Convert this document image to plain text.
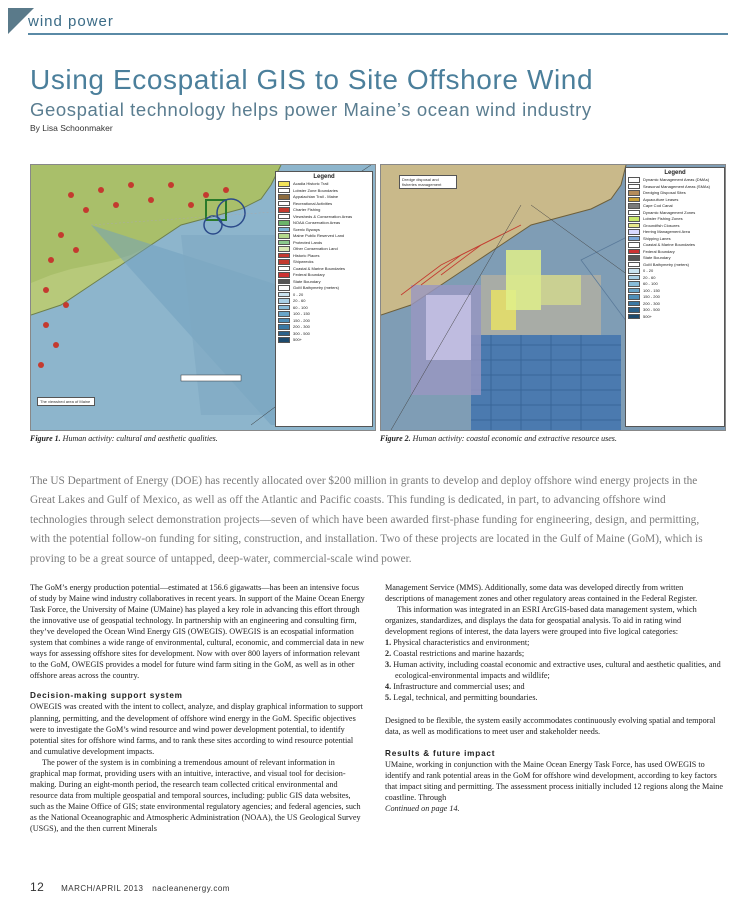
wind power
Using Ecospatial GIS to Site Offshore Wind
Geospatial technology helps power Maine’s ocean wind industry
By Lisa Schoonmaker
Legend
Acadia Historic Trail
Lobster Zone Boundaries
Appalachian Trail - Maine
Recreational Activities
Charter Fishing
Viewsheds & Conservation Areas
NOAA Conservation Areas
Scenic Byways
Maine Public Reserved Land
Protected Lands
Other Conservation Land
Historic Places
Shipwrecks
Coastal & Marine Boundaries
Federal Boundary
State Boundary
GoM Bathymetry (meters)
0 - 20
20 - 60
60 - 100
100 - 150
150 - 200
200 - 300
300 - 500
500+
The viewshed area of Maine
Figure 1. Human activity: cultural and aesthetic qualities.
Legend
Dynamic Management Areas (DMAs)
Seasonal Management Areas (SMAs)
Dredging Disposal Sites
Aquaculture Leases
Cape Cod Canal
Dynamic Management Zones
Lobster Fishing Zones
Groundfish Closures
Herring Management Area
Shipping Lanes
Coastal & Marine Boundaries
Federal Boundary
State Boundary
GoM Bathymetry (meters)
0 - 20
20 - 60
60 - 100
100 - 150
150 - 200
200 - 300
300 - 500
500+
Dredge disposal and fisheries management
Figure 2. Human activity: coastal economic and extractive resource uses.
The US Department of Energy (DOE) has recently allocated over $200 million in grants to develop and deploy offshore wind energy projects in the Great Lakes and Gulf of Mexico, as well as off the Atlantic and Pacific coasts. This funding is dedicated, in part, to advancing offshore wind technologies through select demonstration projects—seven of which have been awarded first-phase funding for engineering, design, and permitting, with the potential follow-on funding for siting, construction, and installation. Two of these projects are located in the Gulf of Maine (GoM), which is proving to be a great source of untapped, deep-water, commercial-scale wind power.

The GoM’s energy production potential—estimated at 156.6 gigawatts—has been an intensive focus of study by Maine wind industry collaboratives in recent years. In support of the Maine Ocean Energy Task Force, the University of Maine (UMaine) has played a key role in advancing this effort through the innovative use of geospatial technology. In partnership with an engineering and consulting firm, they’ve developed the Ocean Wind Energy GIS (OWEGIS). OWEGIS is an ecospatial information system that combines a wide range of environmental, cultural, economic, and commercial data in new ways for assessing offshore sites for development. Now with over 800 layers of information relevant to the GoM, OWEGIS provides a model for future wind farm siting in the GoM, as well as in other offshore areas across the country.

Decision-making support system

OWEGIS was created with the intent to collect, analyze, and display graphical information to support planning, permitting, and the development of offshore wind energy in the GoM. Specific objectives were to investigate the GoM’s wind resource and wind power development potential, to identify potential sites for offshore wind farms, and to rank these sites according to wind resource potential and cumulative development impacts.

The power of the system is in combining a tremendous amount of relevant information in graphical map format, providing users with an intuitive, interactive, and visual tool for decision-making. During an eight-month period, the research team collected critical environmental and resource data from multiple geospatial and temporal sources, including: public GIS data websites, such as the Maine Office of GIS; state environmental regulatory agencies; and federal agencies, such as the National Oceanographic and Atmospheric Administration (NOAA), the US Geological Survey (USGS), and the then current Minerals

Management Service (MMS). Additionally, some data was developed directly from written descriptions of management zones and other regulatory areas contained in the Federal Register.

This information was integrated in an ESRI ArcGIS-based data management system, which organizes, standardizes, and displays the data for geospatial analysis. To aid in rating wind development regions of interest, the data layers were grouped into five logical categories:

1. Physical characteristics and environment;
2. Coastal restrictions and marine hazards;
3. Human activity, including coastal economic and extractive uses, cultural and aesthetic qualities, and ecological-environmental impacts and wildlife;
4. Infrastructure and commercial uses; and
5. Legal, technical, and permitting boundaries.

Designed to be flexible, the system easily accommodates continuously evolving spatial and temporal data, as well as modifications to meet user and stakeholder needs.

Results & future impact

UMaine, working in conjunction with the Maine Ocean Energy Task Force, has used OWEGIS to identify and rank potential areas in the GoM for offshore wind development, according to key factors that impact siting and permitting. The assessment process initially included 12 regions along the Maine coastline. Through
Continued on page 14.

12 MARCH/APRIL 2013 nacleanenergy.com
